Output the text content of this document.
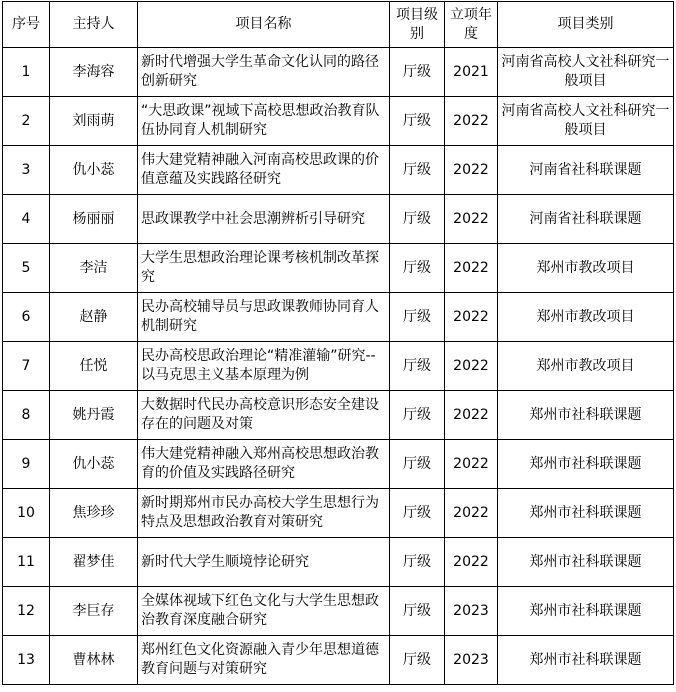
序号	主持人	项目名称	项目级别	立项年度	项目类别
1	李海容	新时代增强大学生革命文化认同的路径创新研究	厅级	2021	河南省高校人文社科研究一般项目
2	刘雨萌	“大思政课”视域下高校思想政治教育队伍协同育人机制研究	厅级	2022	河南省高校人文社科研究一般项目
3	仇小蕊	伟大建党精神融入河南高校思政课的价值意蕴及实践路径研究	厅级	2022	河南省社科联课题
4	杨丽丽	思政课教学中社会思潮辨析引导研究	厅级	2022	河南省社科联课题
5	李洁	大学生思想政治理论课考核机制改革探究	厅级	2022	郑州市教改项目
6	赵静	民办高校辅导员与思政课教师协同育人机制研究	厅级	2022	郑州市教改项目
7	任悦	民办高校思政治理论“精准灌输”研究--以马克思主义基本原理为例	厅级	2022	郑州市教改项目
8	姚丹霞	大数据时代民办高校意识形态安全建设存在的问题及对策	厅级	2022	郑州市社科联课题
9	仇小蕊	伟大建党精神融入郑州高校思想政治教育的价值及实践路径研究	厅级	2022	郑州市社科联课题
10	焦珍珍	新时期郑州市民办高校大学生思想行为特点及思想政治教育对策研究	厅级	2022	郑州市社科联课题
11	翟梦佳	新时代大学生顺境悖论研究	厅级	2022	郑州市社科联课题
12	李巨存	全媒体视域下红色文化与大学生思想政治教育深度融合研究	厅级	2023	郑州市社科联课题
13	曹林林	郑州红色文化资源融入青少年思想道德教育问题与对策研究	厅级	2023	郑州市社科联课题
